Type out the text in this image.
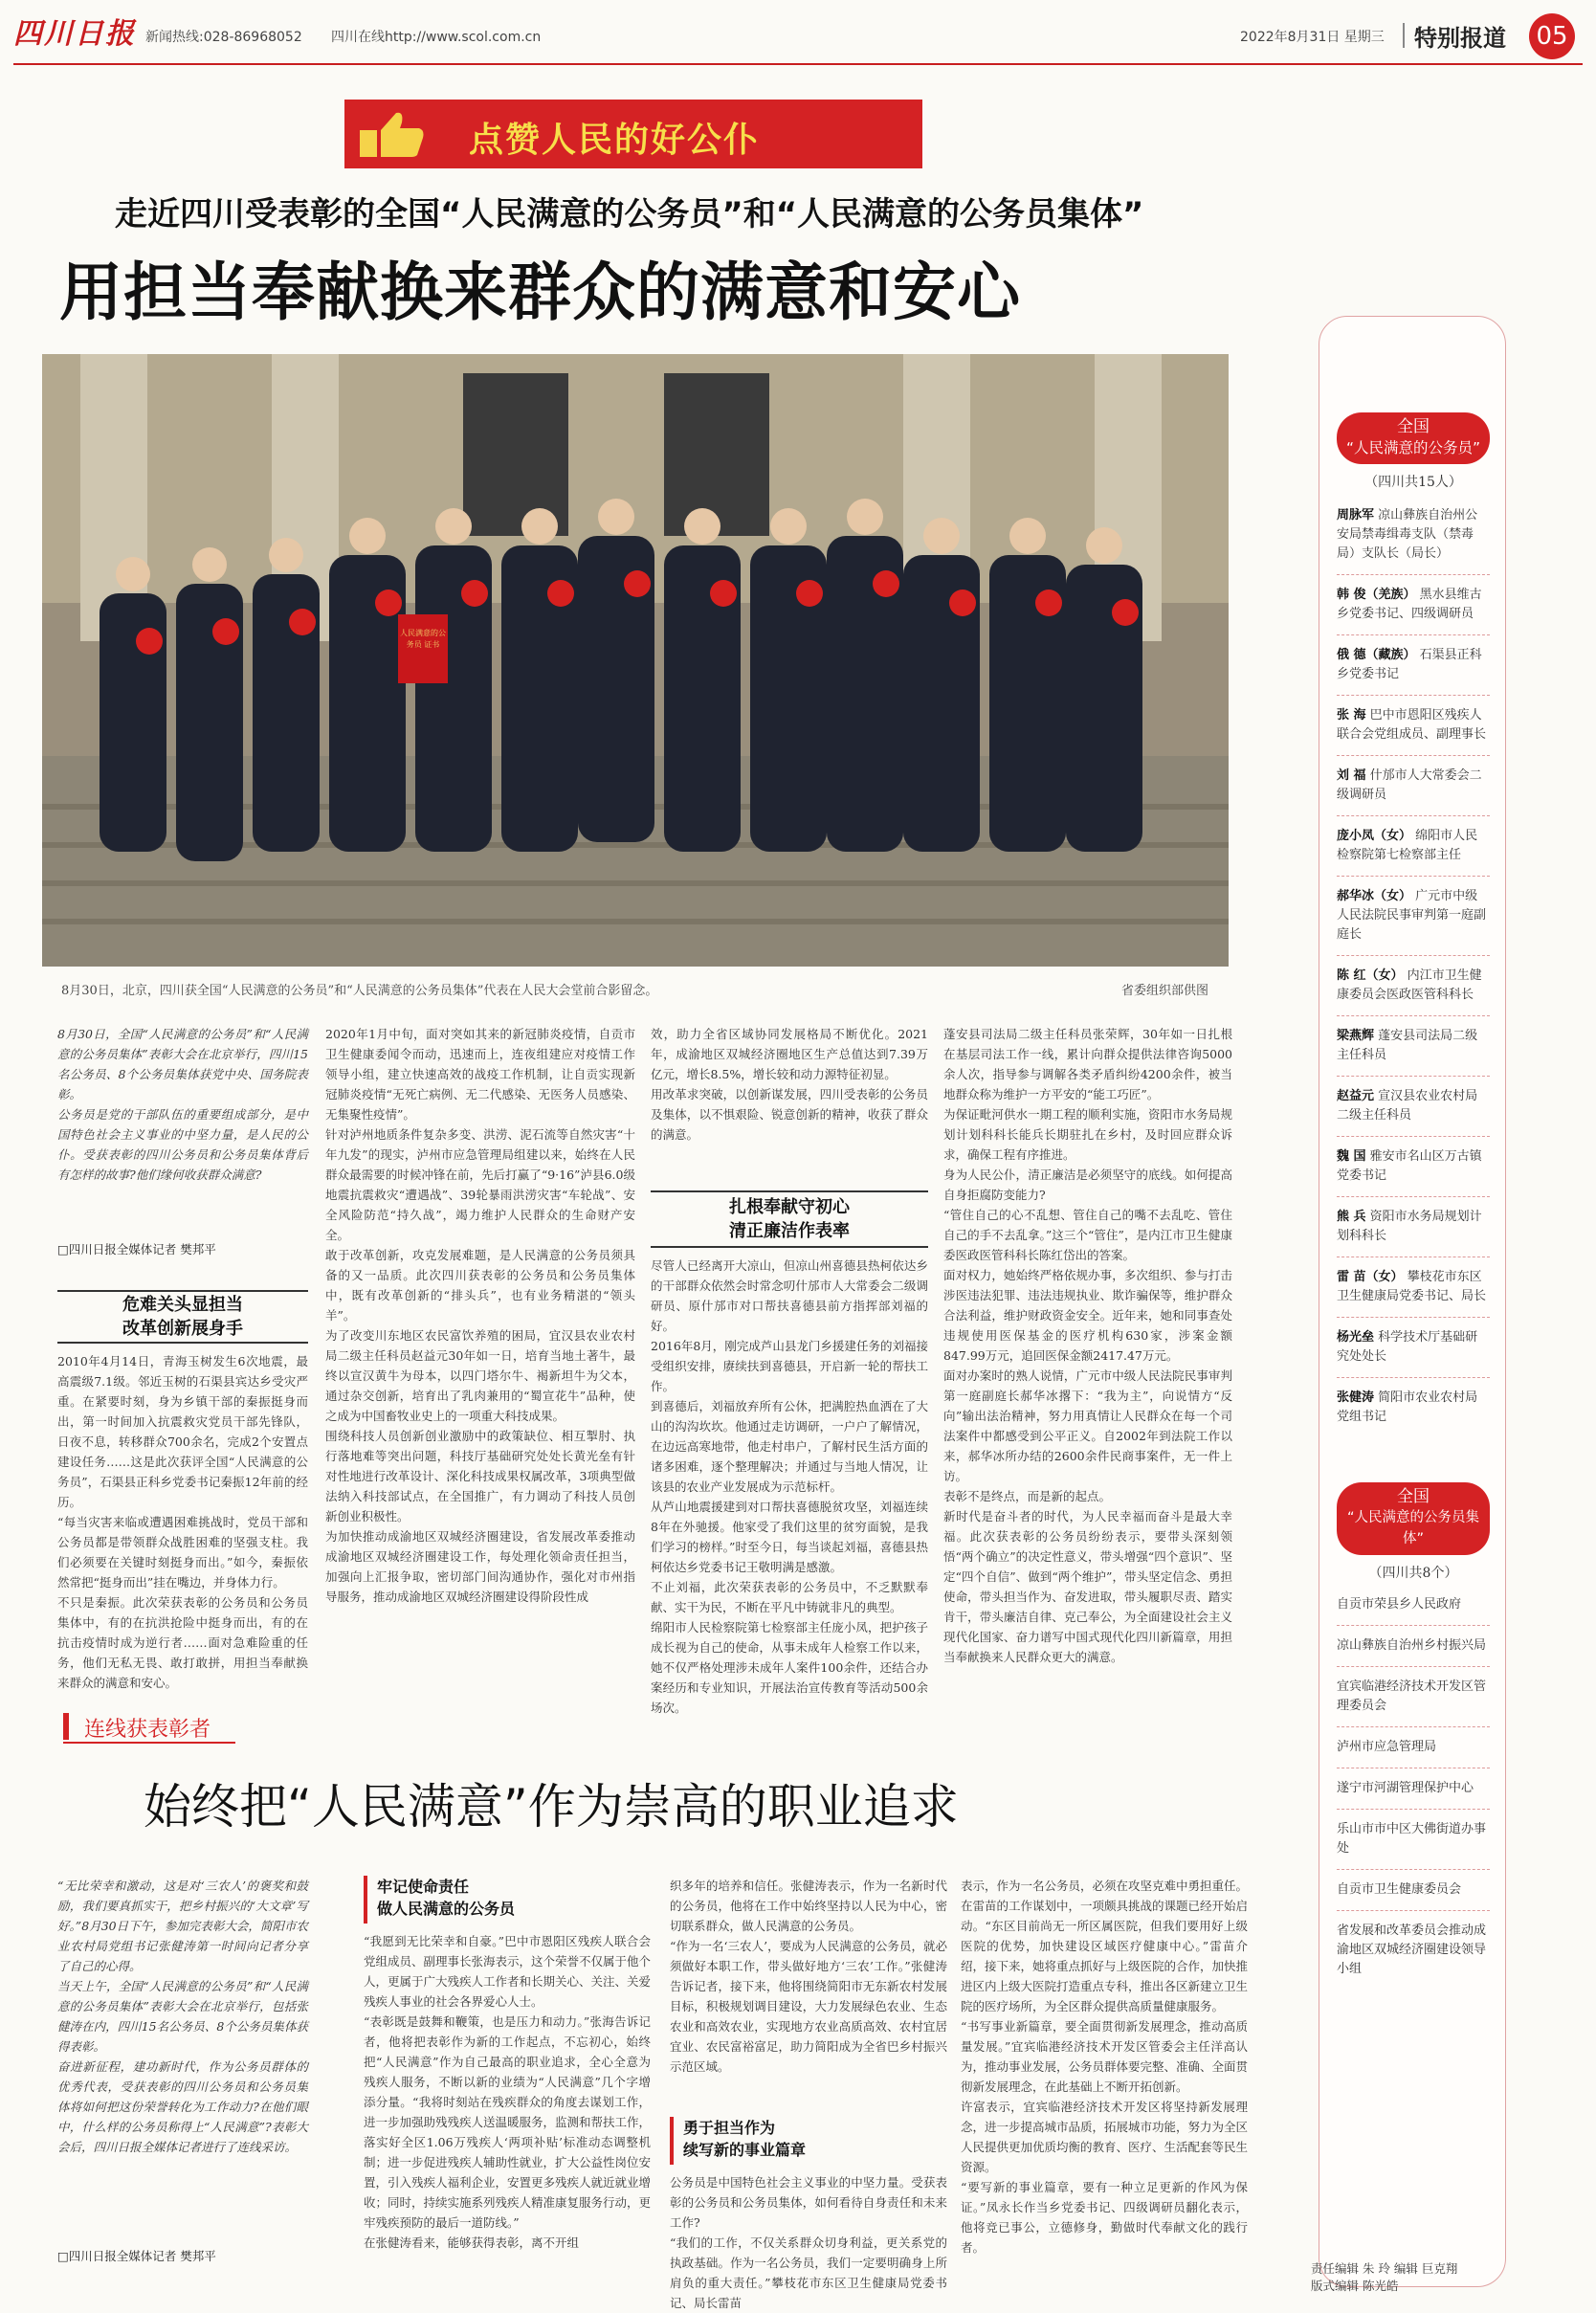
四川日报 新闻热线:028-86968052 四川在线http://www.scol.com.cn	2022年8月31日 星期三 特别报道 05
点赞人民的好公仆
走近四川受表彰的全国“人民满意的公务员”和“人民满意的公务员集体”
用担当奉献换来群众的满意和安心
人民满意的公务员 证书
8月30日，北京，四川获全国“人民满意的公务员”和“人民满意的公务员集体”代表在人民大会堂前合影留念。	省委组织部供图
8月30日，全国“人民满意的公务员”和“人民满意的公务员集体”表彰大会在北京举行，四川15名公务员、8个公务员集体获党中央、国务院表彰。
公务员是党的干部队伍的重要组成部分，是中国特色社会主义事业的中坚力量，是人民的公仆。受获表彰的四川公务员和公务员集体背后有怎样的故事?他们缘何收获群众满意?
□四川日报全媒体记者 樊邦平
危难关头显担当
改革创新展身手
2010年4月14日，青海玉树发生6次地震，最高震级7.1级。邻近玉树的石渠县宾达乡受灾严重。在紧要时刻，身为乡镇干部的秦振挺身而出，第一时间加入抗震救灾党员干部先锋队，日夜不息，转移群众700余名，完成2个安置点建设任务……这是此次获评全国“人民满意的公务员”，石渠县正科乡党委书记秦振12年前的经历。
“每当灾害来临或遭遇困难挑战时，党员干部和公务员都是带领群众战胜困难的坚强支柱。我们必须要在关键时刻挺身而出。”如今，秦振依然常把“挺身而出”挂在嘴边，并身体力行。
不只是秦振。此次荣获表彰的公务员和公务员集体中，有的在抗洪抢险中挺身而出，有的在抗击疫情时成为逆行者……面对急难险重的任务，他们无私无畏、敢打敢拼，用担当奉献换来群众的满意和安心。
2020年1月中旬，面对突如其来的新冠肺炎疫情，自贡市卫生健康委闻令而动，迅速而上，连夜组建应对疫情工作领导小组，建立快速高效的战疫工作机制，让自贡实现新冠肺炎疫情“无死亡病例、无二代感染、无医务人员感染、无集聚性疫情”。
针对泸州地质条件复杂多变、洪涝、泥石流等自然灾害“十年九发”的现实，泸州市应急管理局组建以来，始终在人民群众最需要的时候冲锋在前，先后打赢了“9·16”泸县6.0级地震抗震救灾“遭遇战”、39轮暴雨洪涝灾害“车轮战”、安全风险防范“持久战”，竭力维护人民群众的生命财产安全。
敢于改革创新，攻克发展难题，是人民满意的公务员须具备的又一品质。此次四川获表彰的公务员和公务员集体中，既有改革创新的“排头兵”，也有业务精湛的“领头羊”。
为了改变川东地区农民富饮养殖的困局，宜汉县农业农村局二级主任科员赵益元30年如一日，培育当地土著牛，最终以宣汉黄牛为母本，以四门塔尔牛、褐新坦牛为父本，通过杂交创新，培育出了乳肉兼用的“蜀宣花牛”品种，使之成为中国畜牧业史上的一项重大科技成果。
围绕科技人员创新创业激励中的政策缺位、相互掣肘、执行落地难等突出问题，科技厅基础研究处处长黄光垒有针对性地进行改革设计、深化科技成果权属改革，3项典型做法纳入科技部试点，在全国推广，有力调动了科技人员创新创业积极性。
为加快推动成渝地区双城经济圈建设，省发展改革委推动成渝地区双城经济圈建设工作，每处理化领命责任担当，加强向上汇报争取，密切部门间沟通协作，强化对市州指导服务，推动成渝地区双城经济圈建设得阶段性成
效，助力全省区域协同发展格局不断优化。2021年，成渝地区双城经济圈地区生产总值达到7.39万亿元，增长8.5%，增长较和动力源特征初显。
用改革求突破，以创新谋发展，四川受表彰的公务员及集体，以不惧艰险、锐意创新的精神，收获了群众的满意。
扎根奉献守初心
清正廉洁作表率
尽管人已经离开大凉山，但凉山州喜德县热柯依达乡的干部群众依然会时常念叨什邡市人大常委会二级调研员、原什邡市对口帮扶喜德县前方指挥部刘福的好。
2016年8月，刚完成芦山县龙门乡援建任务的刘福接受组织安排，赓续扶到喜德县，开启新一轮的帮扶工作。
到喜德后，刘福放弃所有公休，把满腔热血洒在了大山的沟沟坎坎。他通过走访调研，一户户了解情况，在边远高寒地带，他走村串户，了解村民生活方面的诸多困难，逐个整理解决；并通过与当地人情况，让该县的农业产业发展成为示范标杆。
从芦山地震援建到对口帮扶喜德脱贫攻坚，刘福连续8年在外驰援。他家受了我们这里的贫穷面貌，是我们学习的榜样。”时至今日，每当谈起刘福，喜德县热柯依达乡党委书记王敬明满是感激。
不止刘福，此次荣获表彰的公务员中，不乏默默奉献、实干为民，不断在平凡中铸就非凡的典型。
绵阳市人民检察院第七检察部主任庞小凤，把护孩子成长视为自己的使命，从事未成年人检察工作以来，她不仅严格处理涉未成年人案件100余件，还结合办案经历和专业知识，开展法治宣传教育等活动500余场次。
蓬安县司法局二级主任科员张荣辉，30年如一日扎根在基层司法工作一线，累计向群众提供法律咨询5000余人次，指导参与调解各类矛盾纠纷4200余件，被当地群众称为维护一方平安的“能工巧匠”。
为保证毗河供水一期工程的顺利实施，资阳市水务局规划计划科科长能兵长期驻扎在乡村，及时回应群众诉求，确保工程有序推进。
身为人民公仆，清正廉洁是必须坚守的底线。如何提高自身拒腐防变能力?
“管住自己的心不乱想、管住自己的嘴不去乱吃、管住自己的手不去乱拿。”这三个“管住”，是内江市卫生健康委医政医管科科长陈红岱出的答案。
面对权力，她始终严格依规办事，多次组织、参与打击涉医违法犯罪、违法违规执业、欺诈骗保等，维护群众合法利益，维护财政资金安全。近年来，她和同事查处违规使用医保基金的医疗机构630家，涉案金额847.99万元，追回医保金额2417.47万元。
面对办案时的熟人说情，广元市中级人民法院民事审判第一庭副庭长郝华冰撂下：“我为主”，向说情方“反向”输出法治精神，努力用真情让人民群众在每一个司法案件中都感受到公平正义。自2002年到法院工作以来，郝华冰所办结的2600余件民商事案件，无一件上访。
表彰不是终点，而是新的起点。
新时代是奋斗者的时代，为人民幸福而奋斗是最大幸福。此次获表彰的公务员纷纷表示，要带头深刻领悟“两个确立”的决定性意义，带头增强“四个意识”、坚定“四个自信”、做到“两个维护”，带头坚定信念、勇担使命，带头担当作为、奋发进取，带头履职尽责、踏实肯干，带头廉洁自律、克己奉公，为全面建设社会主义现代化国家、奋力谱写中国式现代化四川新篇章，用担当奉献换来人民群众更大的满意。
连线获表彰者
始终把“人民满意”作为崇高的职业追求
“无比荣幸和激动，这是对‘三农人’的褒奖和鼓励，我们要真抓实干，把乡村振兴的‘大文章’写好。”8月30日下午，参加完表彰大会，简阳市农业农村局党组书记张健涛第一时间向记者分享了自己的心得。
当天上午，全国“人民满意的公务员”和“人民满意的公务员集体”表彰大会在北京举行，包括张健涛在内，四川15名公务员、8个公务员集体获得表彰。
奋进新征程，建功新时代，作为公务员群体的优秀代表，受获表彰的四川公务员和公务员集体将如何把这份荣誉转化为工作动力?在他们眼中，什么样的公务员称得上“人民满意”?表彰大会后，四川日报全媒体记者进行了连线采访。
□四川日报全媒体记者 樊邦平
牢记使命责任
做人民满意的公务员
“我愿到无比荣幸和自豪。”巴中市恩阳区残疾人联合会党组成员、副理事长张海表示，这个荣誉不仅属于他个人，更属于广大残疾人工作者和长期关心、关注、关爱残疾人事业的社会各界爱心人士。
“表彰既是鼓舞和鞭策，也是压力和动力。”张海告诉记者，他将把表彰作为新的工作起点，不忘初心，始终把“人民满意”作为自己最高的职业追求，全心全意为残疾人服务，不断以新的业绩为“人民满意”几个字增添分量。“我将时刻站在残疾群众的角度去谋划工作，进一步加强助残残疾人送温暖服务，监测和帮扶工作，落实好全区1.06万残疾人‘两项补贴’标准动态调整机制；进一步促进残疾人辅助性就业，扩大公益性岗位安置，引入残疾人福利企业，安置更多残疾人就近就业增收；同时，持续实施系列残疾人精准康复服务行动，更牢残疾预防的最后一道防线。”
在张健涛看来，能够获得表彰，离不开组
织多年的培养和信任。张健涛表示，作为一名新时代的公务员，他将在工作中始终坚持以人民为中心，密切联系群众，做人民满意的公务员。
“作为一名‘三农人’，要成为人民满意的公务员，就必须做好本职工作，带头做好地方‘三农’工作。”张健涛告诉记者，接下来，他将围绕简阳市无东新农村发展目标，积极规划调目建设，大力发展绿色农业、生态农业和高效农业，实现地方农业高质高效、农村宜居宜业、农民富裕富足，助力简阳成为全省巴乡村振兴示范区域。
勇于担当作为
续写新的事业篇章
公务员是中国特色社会主义事业的中坚力量。受获表彰的公务员和公务员集体，如何看待自身责任和未来工作?
“我们的工作，不仅关系群众切身利益，更关系党的执政基础。作为一名公务员，我们一定要明确身上所肩负的重大责任。”攀枝花市东区卫生健康局党委书记、局长雷苗
表示，作为一名公务员，必须在攻坚克难中勇担重任。
在雷苗的工作谋划中，一项颇具挑战的课题已经开始启动。“东区目前尚无一所区属医院，但我们要用好上级医院的优势，加快建设区域医疗健康中心。”雷苗介绍，接下来，她将重点抓好与上级医院的合作，加快推进区内上级大医院打造重点专科，推出各区新建立卫生院的医疗场所，为全区群众提供高质量健康服务。
“书写事业新篇章，要全面贯彻新发展理念，推动高质量发展。”宜宾临港经济技术开发区管委会主任洋高认为，推动事业发展，公务员群体要完整、准确、全面贯彻新发展理念，在此基础上不断开拓创新。
许富表示，宜宾临港经济技术开发区将坚持新发展理念，进一步提高城市品质，拓展城市功能，努力为全区人民提供更加优质均衡的教育、医疗、生活配套等民生资源。
“要写新的事业篇章，要有一种立足更新的作风为保证。”凤永长作当乡党委书记、四级调研员翻化表示，他将竞已事公，立德修身，勤做时代奉献文化的践行者。
全国
“人民满意的公务员”
（四川共15人）
周脉军 凉山彝族自治州公安局禁毒缉毒支队（禁毒局）支队长（局长）
韩 俊（羌族） 黑水县维古乡党委书记、四级调研员
俄 德（藏族） 石渠县正科乡党委书记
张 海 巴中市恩阳区残疾人联合会党组成员、副理事长
刘 福 什邡市人大常委会二级调研员
庞小凤（女） 绵阳市人民检察院第七检察部主任
郝华冰（女） 广元市中级人民法院民事审判第一庭副庭长
陈 红（女） 内江市卫生健康委员会医政医管科科长
梁燕辉 蓬安县司法局二级主任科员
赵益元 宣汉县农业农村局二级主任科员
魏 国 雅安市名山区万古镇党委书记
熊 兵 资阳市水务局规划计划科科长
雷 苗（女） 攀枝花市东区卫生健康局党委书记、局长
杨光垒 科学技术厅基础研究处处长
张健涛 简阳市农业农村局党组书记
全国
“人民满意的公务员集体”
（四川共8个）
自贡市荣县乡人民政府
凉山彝族自治州乡村振兴局
宜宾临港经济技术开发区管理委员会
泸州市应急管理局
遂宁市河湖管理保护中心
乐山市市中区大佛街道办事处
自贡市卫生健康委员会
省发展和改革委员会推动成渝地区双城经济圈建设领导小组
责任编辑 朱 玲 编辑 巨克翔
版式编辑 陈光皓
